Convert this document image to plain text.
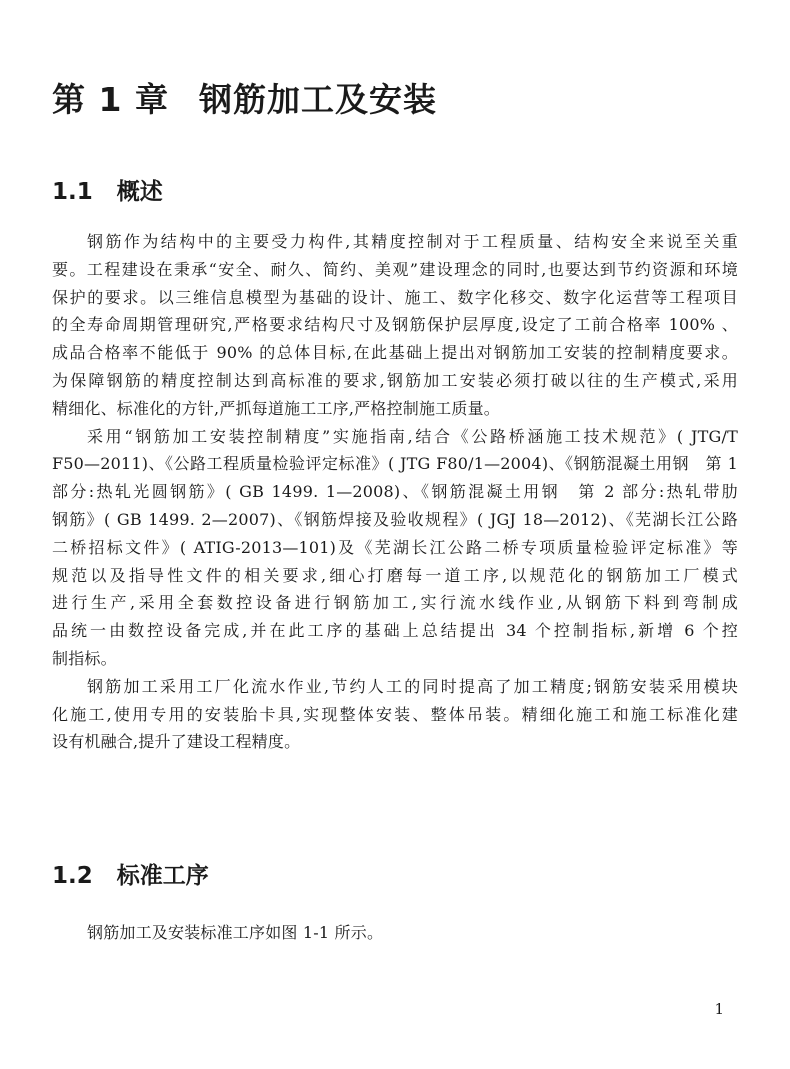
第 1 章 钢筋加工及安装
1.1 概述
钢筋作为结构中的主要受力构件,其精度控制对于工程质量、结构安全来说至关重
要。工程建设在秉承“安全、耐久、简约、美观”建设理念的同时,也要达到节约资源和环境
保护的要求。以三维信息模型为基础的设计、施工、数字化移交、数字化运营等工程项目
的全寿命周期管理研究,严格要求结构尺寸及钢筋保护层厚度,设定了工前合格率 100% 、
成品合格率不能低于 90% 的总体目标,在此基础上提出对钢筋加工安装的控制精度要求。
为保障钢筋的精度控制达到高标准的要求,钢筋加工安装必须打破以往的生产模式,采用
精细化、标准化的方针,严抓每道施工工序,严格控制施工质量。
采用“钢筋加工安装控制精度”实施指南,结合《公路桥涵施工技术规范》( JTG/T
F50—2011)、《公路工程质量检验评定标准》( JTG F80/1—2004)、《钢筋混凝土用钢　第 1
部分:热轧光圆钢筋》( GB 1499. 1—2008)、《钢筋混凝土用钢　第 2 部分:热轧带肋
钢筋》( GB 1499. 2—2007)、《钢筋焊接及验收规程》( JGJ 18—2012)、《芜湖长江公路
二桥招标文件》( ATIG-2013—101)及《芜湖长江公路二桥专项质量检验评定标准》等
规范以及指导性文件的相关要求,细心打磨每一道工序,以规范化的钢筋加工厂模式
进行生产,采用全套数控设备进行钢筋加工,实行流水线作业,从钢筋下料到弯制成
品统一由数控设备完成,并在此工序的基础上总结提出 34 个控制指标,新增 6 个控
制指标。
钢筋加工采用工厂化流水作业,节约人工的同时提高了加工精度;钢筋安装采用模块
化施工,使用专用的安装胎卡具,实现整体安装、整体吊装。精细化施工和施工标准化建
设有机融合,提升了建设工程精度。
1.2 标准工序
钢筋加工及安装标准工序如图 1-1 所示。
1
